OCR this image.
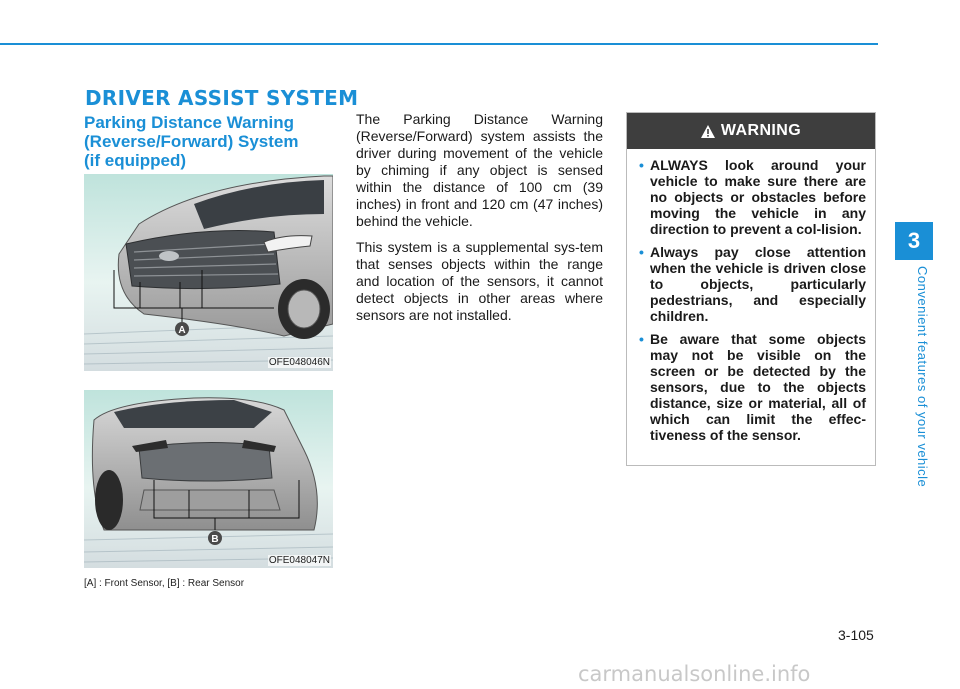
DRIVER ASSIST SYSTEM
Parking Distance Warning
(Reverse/Forward) System
(if equipped)
A
OFE048046N
B
OFE048047N
[A] : Front Sensor, [B] : Rear Sensor

The Parking Distance Warning (Reverse/Forward) system assists the driver during movement of the vehicle by chiming if any object is sensed within the distance of 100 cm (39 inches) in front and 120 cm (47 inches) behind the vehicle.

This system is a supplemental sys-tem that senses objects within the range and location of the sensors, it cannot detect objects in other areas where sensors are not installed.

WARNING
• ALWAYS look around your vehicle to make sure there are no objects or obstacles before moving the vehicle in any direction to prevent a col-lision.
• Always pay close attention when the vehicle is driven close to objects, particularly pedestrians, and especially children.
• Be aware that some objects may not be visible on the screen or be detected by the sensors, due to the objects distance, size or material, all of which can limit the effec-tiveness of the sensor.
3
Convenient features of your vehicle
3-105
carmanualsonline.info
